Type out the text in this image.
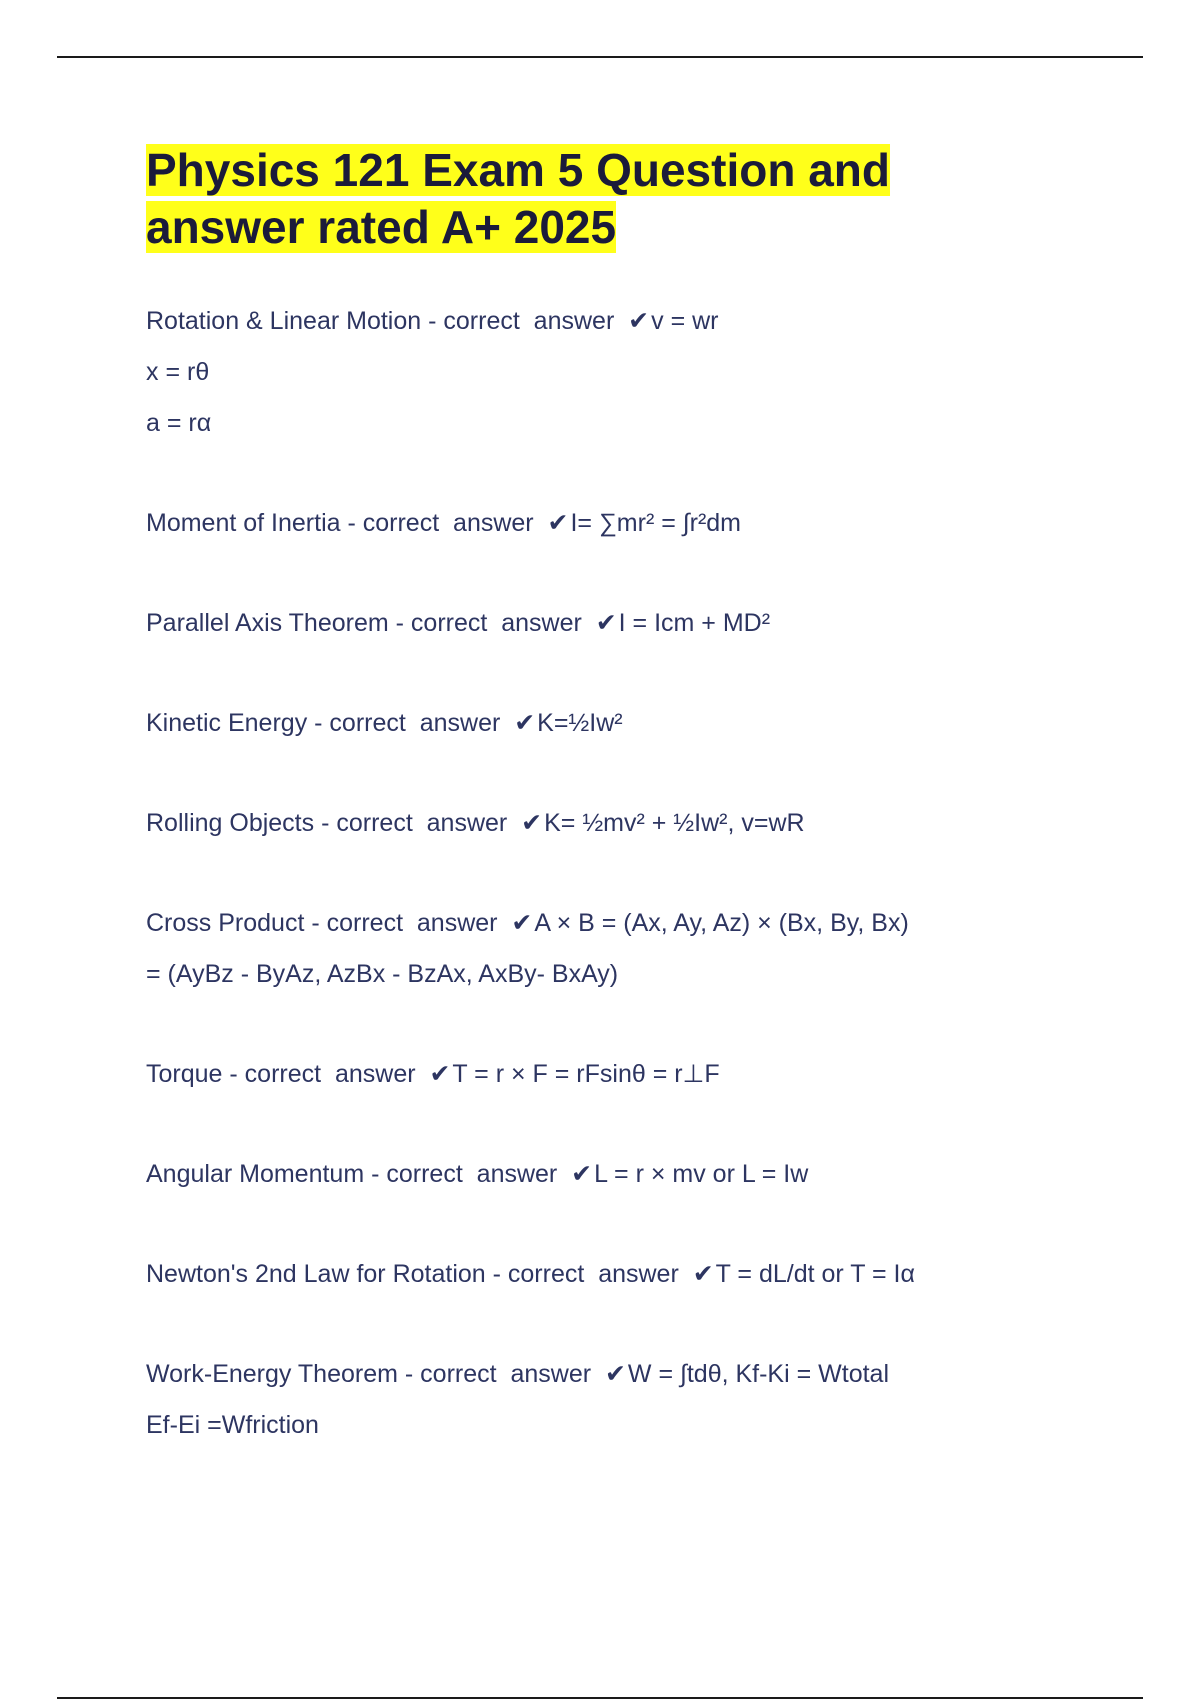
Physics 121 Exam 5 Question and
answer rated A+ 2025
Rotation & Linear Motion - correct  answer  ✔v = wr
x = rθ
a = rα
Moment of Inertia - correct  answer  ✔I= ∑mr² = ∫r²dm
Parallel Axis Theorem - correct  answer  ✔I = Icm + MD²
Kinetic Energy - correct  answer  ✔K=½Iw²
Rolling Objects - correct  answer  ✔K= ½mv² + ½Iw², v=wR
Cross Product - correct  answer  ✔A × B = (Ax, Ay, Az) × (Bx, By, Bx)
= (AyBz - ByAz, AzBx - BzAx, AxBy- BxAy)
Torque - correct  answer  ✔T = r × F = rFsinθ = r⊥F
Angular Momentum - correct  answer  ✔L = r × mv or L = Iw
Newton's 2nd Law for Rotation - correct  answer  ✔T = dL/dt or T = Iα
Work-Energy Theorem - correct  answer  ✔W = ∫tdθ, Kf-Ki = Wtotal
Ef-Ei =Wfriction
